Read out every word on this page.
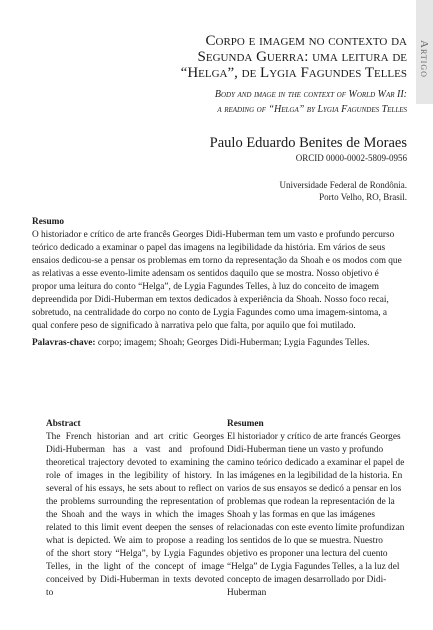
Artigo
Corpo e imagem no contexto da
Segunda Guerra: uma leitura de
“Helga”, de Lygia Fagundes Telles
Body and image in the context of World War II:
a reading of “Helga” by Lygia Fagundes Telles
Paulo Eduardo Benites de Moraes
ORCID 0000-0002-5809-0956
Universidade Federal de Rondônia.
Porto Velho, RO, Brasil.
Resumo
O historiador e crítico de arte francês Georges Didi-Huberman tem um vasto e profundo percurso teórico dedicado a examinar o papel das imagens na legibilidade da história. Em vários de seus ensaios dedicou-se a pensar os problemas em torno da representação da Shoah e os modos com que as relativas a esse evento-limite adensam os sentidos daquilo que se mostra. Nosso objetivo é propor uma leitura do conto “Helga”, de Lygia Fagundes Telles, à luz do conceito de imagem depreendida por Didi-Huberman em textos dedicados à experiência da Shoah. Nosso foco recai, sobretudo, na centralidade do corpo no conto de Lygia Fagundes como uma imagem-sintoma, a qual confere peso de significado à narrativa pelo que falta, por aquilo que foi mutilado.
Palavras-chave: corpo; imagem; Shoah; Georges Didi-Huberman; Lygia Fagundes Telles.
Abstract
The French historian and art critic Georges Didi-Huberman has a vast and profound theoretical trajectory devoted to examining the role of images in the legibility of history. In several of his essays, he sets about to reflect on the problems surrounding the representation of the Shoah and the ways in which the images related to this limit event deepen the senses of what is depicted. We aim to propose a reading of the short story “Helga”, by Lygia Fagundes Telles, in the light of the concept of image conceived by Didi-Huberman in texts devoted to
Resumen
El historiador y crítico de arte francés Georges Didi-Huberman tiene un vasto y profundo camino teórico dedicado a examinar el papel de las imágenes en la legibilidad de la historia. En varios de sus ensayos se dedicó a pensar en los problemas que rodean la representación de la Shoah y las formas en que las imágenes relacionadas con este evento límite profundizan los sentidos de lo que se muestra. Nuestro objetivo es proponer una lectura del cuento “Helga” de Lygia Fagundes Telles, a la luz del concepto de imagen desarrollado por Didi-Huberman
